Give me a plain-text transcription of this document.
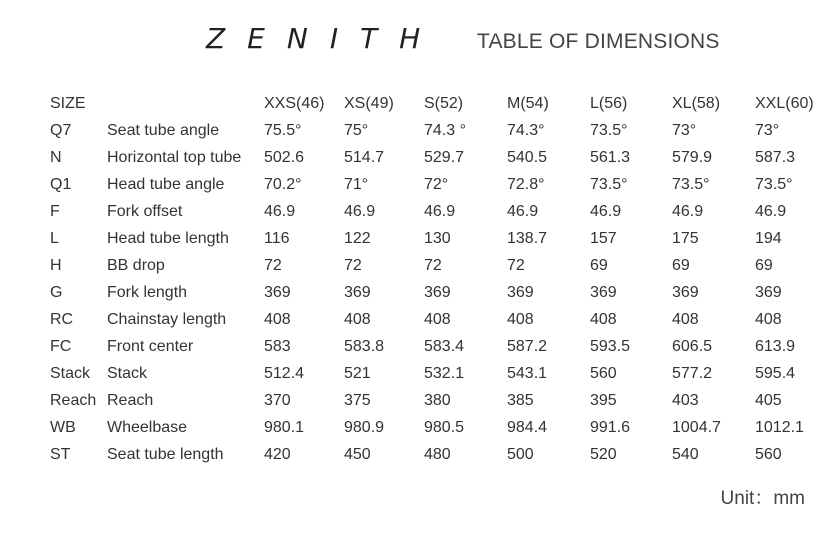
ZENITH TABLE OF DIMENSIONS
SIZE		XXS(46)	XS(49)	S(52)	M(54)	L(56)	XL(58)	XXL(60)
Q7	Seat tube angle	75.5°	75°	74.3 °	74.3°	73.5°	73°	73°
N	Horizontal top tube	502.6	514.7	529.7	540.5	561.3	579.9	587.3
Q1	Head tube angle	70.2°	71°	72°	72.8°	73.5°	73.5°	73.5°
F	Fork offset	46.9	46.9	46.9	46.9	46.9	46.9	46.9
L	Head tube length	116	122	130	138.7	157	175	194
H	BB drop	72	72	72	72	69	69	69
G	Fork length	369	369	369	369	369	369	369
RC	Chainstay length	408	408	408	408	408	408	408
FC	Front center	583	583.8	583.4	587.2	593.5	606.5	613.9
Stack	Stack	512.4	521	532.1	543.1	560	577.2	595.4
Reach	Reach	370	375	380	385	395	403	405
WB	Wheelbase	980.1	980.9	980.5	984.4	991.6	1004.7	1012.1
ST	Seat tube length	420	450	480	500	520	540	560
Unit：mm
